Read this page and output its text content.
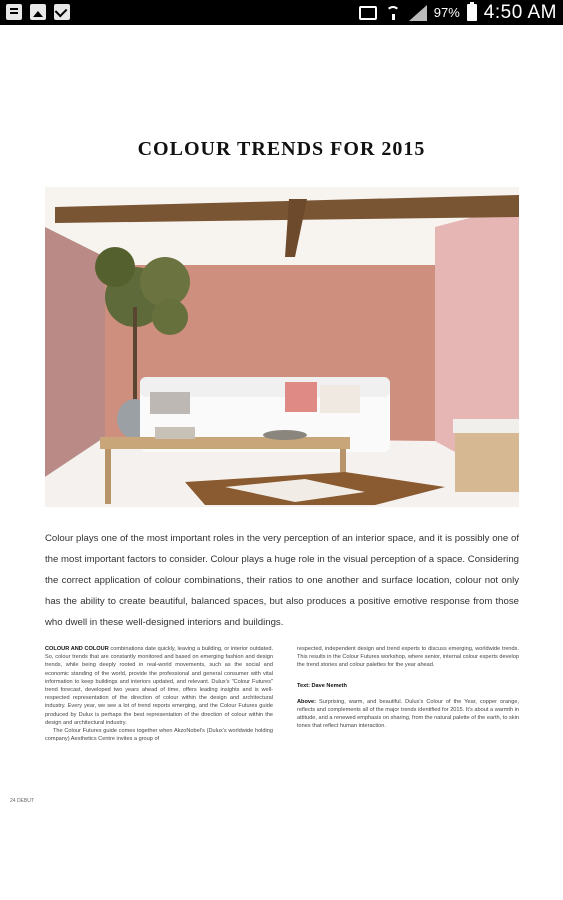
97% 4:50 AM
COLOUR TRENDS FOR 2015
Colour plays one of the most important roles in the very perception of an interior space, and it is possibly one of the most important factors to consider. Colour plays a huge role in the visual perception of a space. Considering the correct application of colour combinations, their ratios to one another and surface location, colour not only has the ability to create beautiful, balanced spaces, but also produces a positive emotive response from those who dwell in these well-designed interiors and buildings.
COLOUR AND COLOUR combinations date quickly, leaving a building, or interior outdated. So, colour trends that are constantly monitored and based on emerging fashion and design trends, while being deeply rooted in real-world movements, such as the social and economic standing of the world, provide the professional and general consumer with vital information to keep buildings and interiors updated, and relevant. Dulux's "Colour Futures" trend forecast, developed two years ahead of time, offers leading insights and is well-respected representation of the direction of colour within the design and architectural industry. Every year, we see a lot of trend reports emerging, and the Colour Futures guide produced by Dulux is perhaps the best representation of the direction of colour within the design and architectural industry.
The Colour Futures guide comes together when AkzoNobel's (Dulux's worldwide holding company) Aesthetics Centre invites a group of
respected, independent design and trend experts to discuss emerging, worldwide trends. This results in the Colour Futures workshop, where senior, internal colour experts develop the trend stories and colour palettes for the year ahead.
Text: Dave Nemeth
Above: Surprising, warm, and beautiful. Dulux's Colour of the Year, copper orange, reflects and complements all of the major trends identified for 2015. It's about a warmth in attitude, and a renewed emphasis on sharing, from the natural palette of the earth, to skin tones that reflect human interaction.
24 DEBUT
